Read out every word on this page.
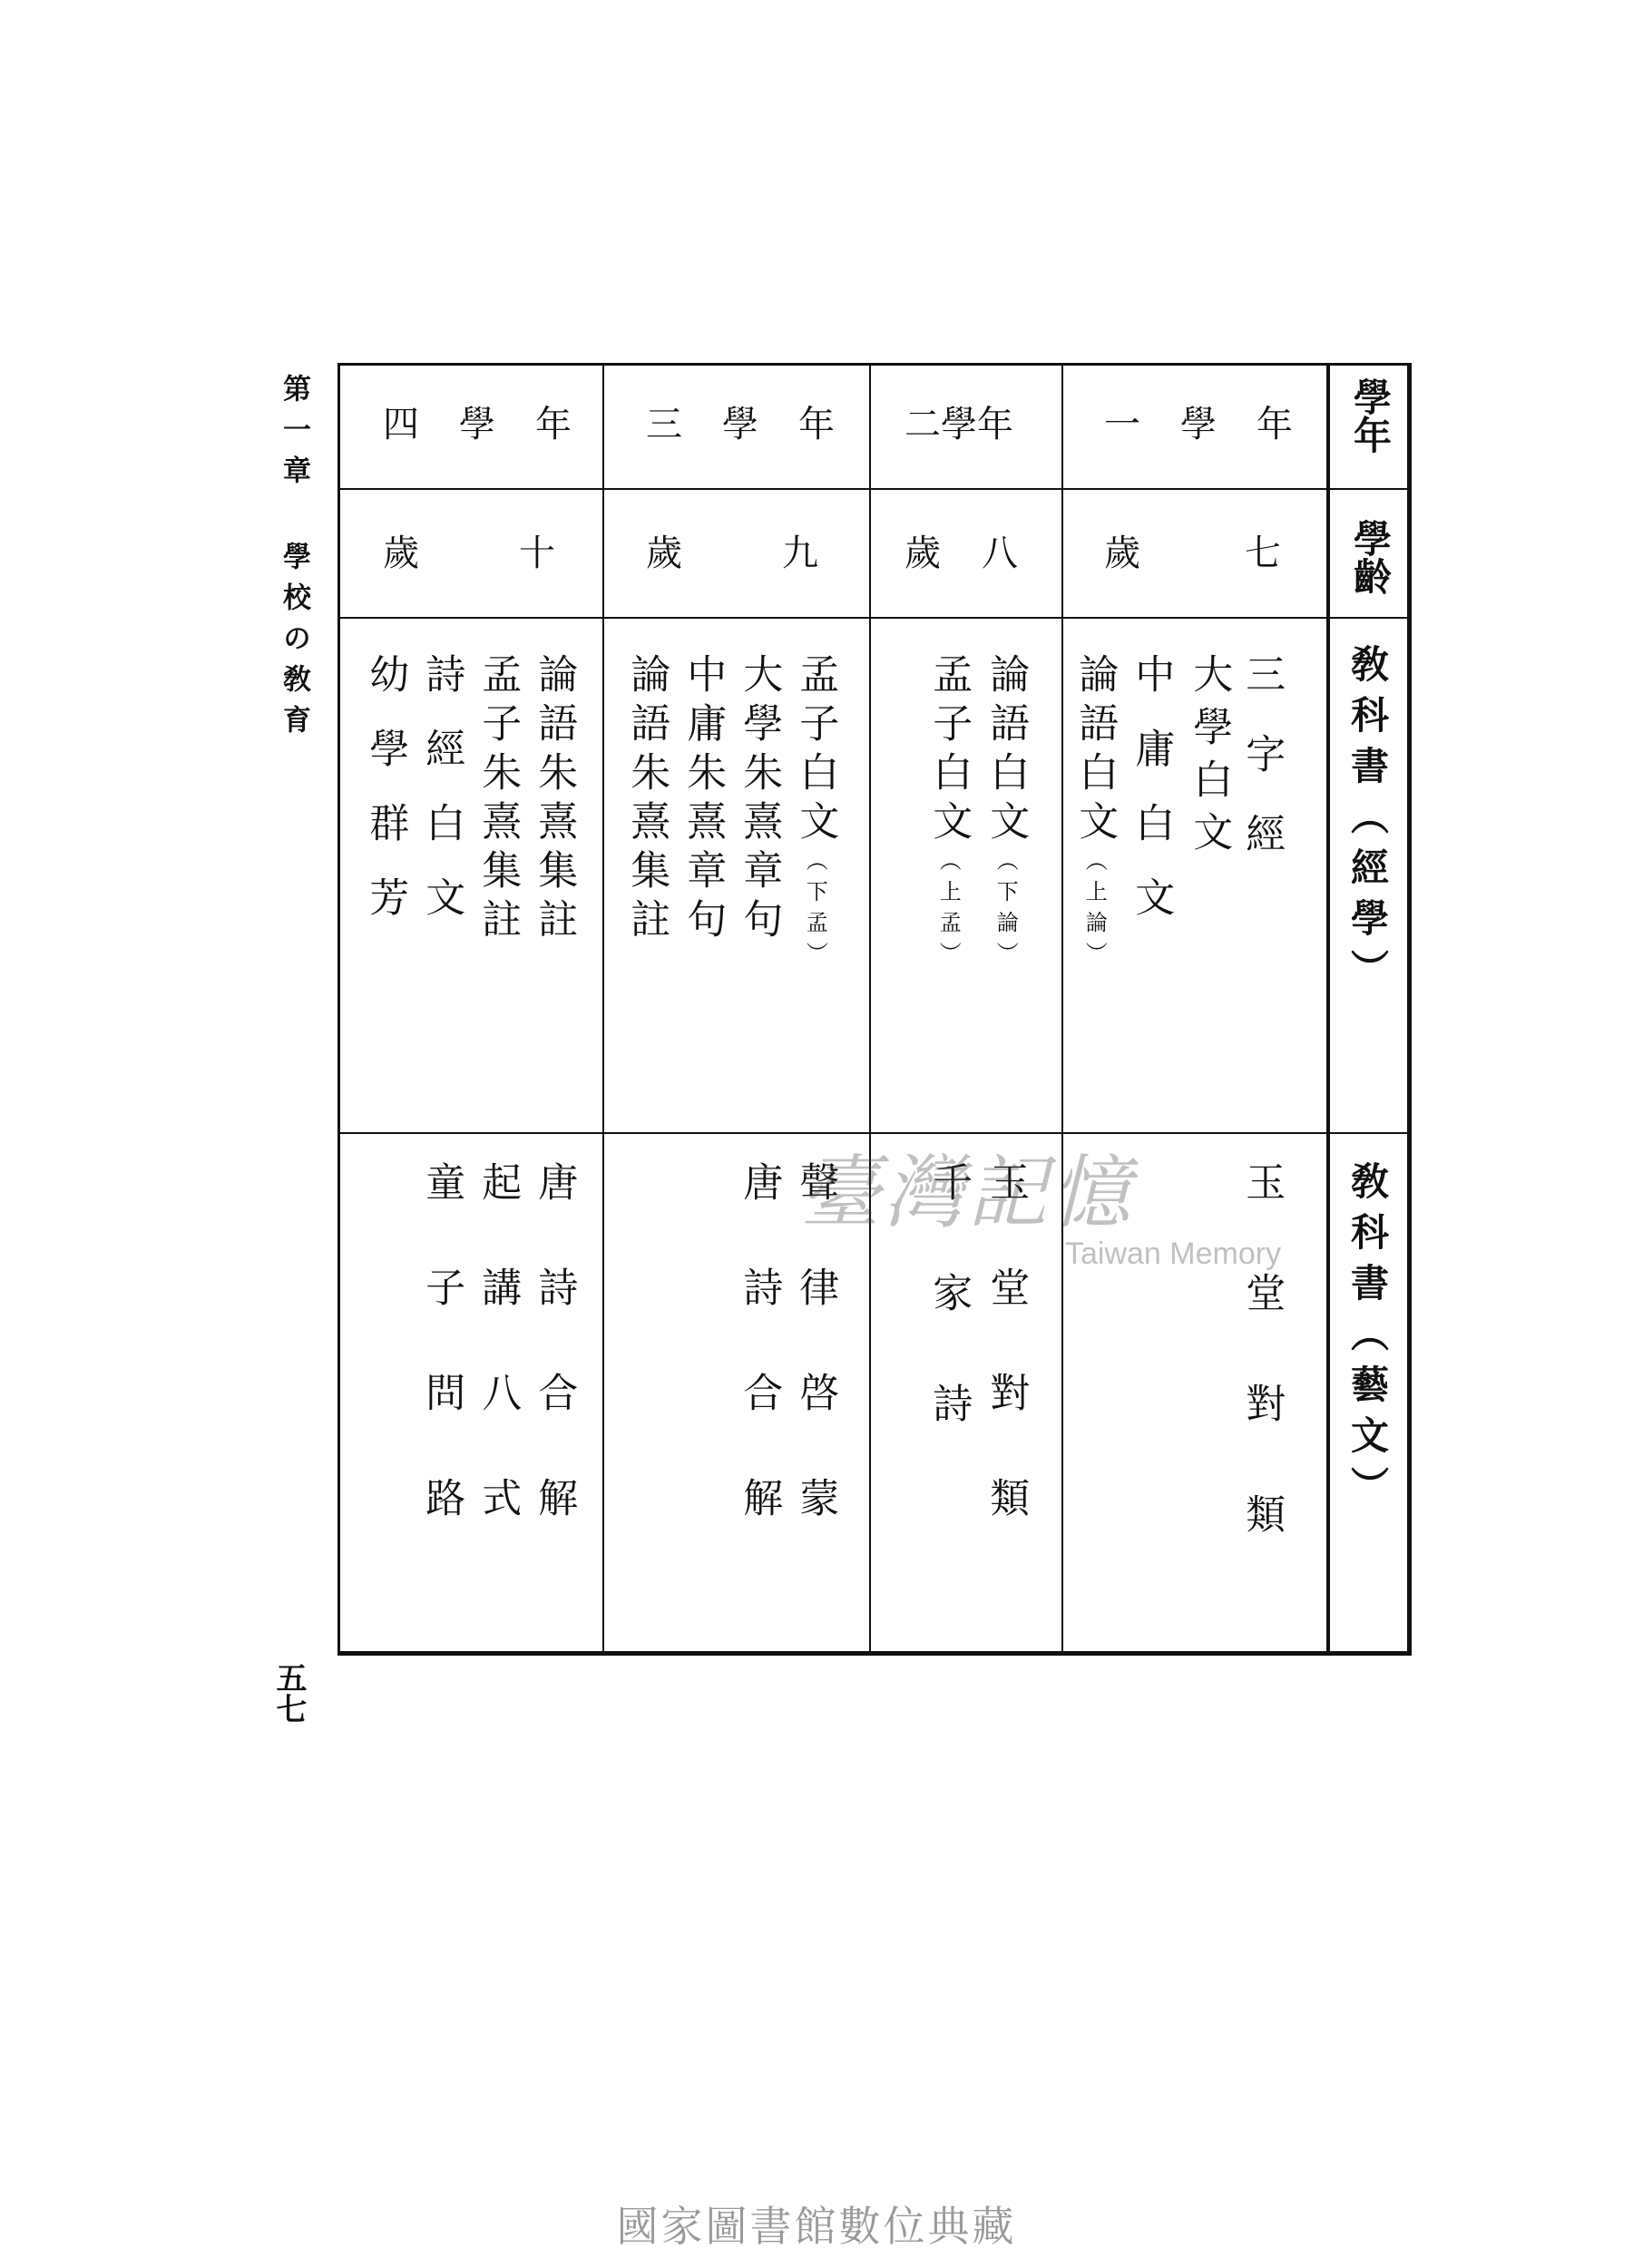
第一章 學校の敎育	學年
學齡
敎科書（經學）
敎科書（藝文）
一學年
七
歲
三字經
大學白文
中庸白文
論語白文（上論）
玉堂對類
二學年
八
歲
論語白文（下論）
孟子白文（上孟）
玉堂對類
千家詩
三學年
九
歲
孟子白文（下孟）
大學朱熹章句
中庸朱熹章句
論語朱熹集註
聲律啓蒙
唐詩合解
四學年
十
歲
論語朱熹集註
孟子朱熹集註
詩經白文
幼學群芳
唐詩合解
起講八式
童子問路
五七
臺灣記憶
Taiwan Memory
國家圖書館數位典藏
